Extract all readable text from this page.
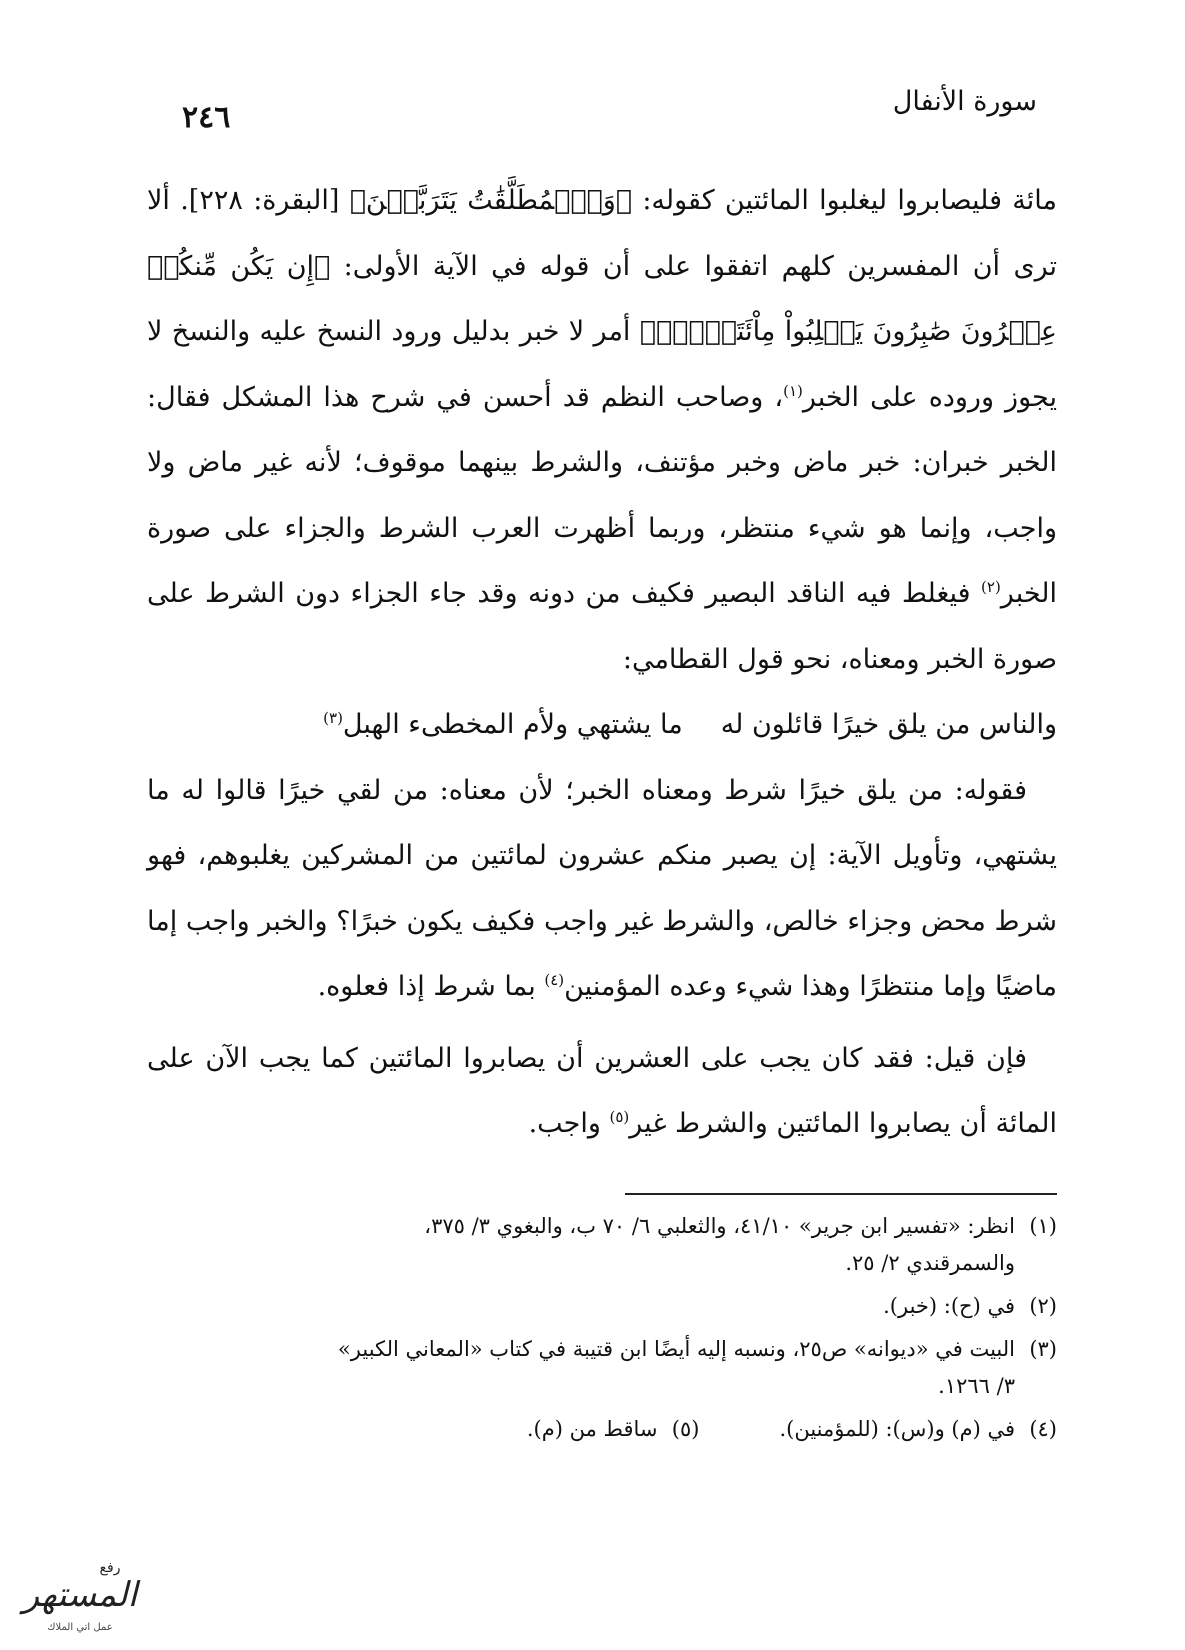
٢٤٦	سورة الأنفال

مائة فليصابروا ليغلبوا المائتين كقوله: ﴿وَٱلۡمُطَلَّقَٰتُ يَتَرَبَّصۡنَ﴾ [البقرة: ٢٢٨]. ألا ترى أن المفسرين كلهم اتفقوا على أن قوله في الآية الأولى: ﴿إِن يَكُن مِّنكُمۡ عِشۡرُونَ صَٰبِرُونَ يَغۡلِبُواْ مِاْئَتَيۡنِۚ﴾ أمر لا خبر بدليل ورود النسخ عليه والنسخ لا يجوز وروده على الخبر$^{(١)}$، وصاحب النظم قد أحسن في شرح هذا المشكل فقال: الخبر خبران: خبر ماض وخبر مؤتنف، والشرط بينهما موقوف؛ لأنه غير ماض ولا واجب، وإنما هو شيء منتظر، وربما أظهرت العرب الشرط والجزاء على صورة الخبر$^{(٢)}$ فيغلط فيه الناقد البصير فكيف من دونه وقد جاء الجزاء دون الشرط على صورة الخبر ومعناه، نحو قول القطامي:

والناس من يلق خيرًا قائلون لهما يشتهي ولأم المخطىء الهبل$^{(٣)}$

فقوله: من يلق خيرًا شرط ومعناه الخبر؛ لأن معناه: من لقي خيرًا قالوا له ما يشتهي، وتأويل الآية: إن يصبر منكم عشرون لمائتين من المشركين يغلبوهم، فهو شرط محض وجزاء خالص، والشرط غير واجب فكيف يكون خبرًا؟ والخبر واجب إما ماضيًا وإما منتظرًا وهذا شيء وعده المؤمنين$^{(٤)}$ بما شرط إذا فعلوه.

فإن قيل: فقد كان يجب على العشرين أن يصابروا المائتين كما يجب الآن على المائة أن يصابروا المائتين والشرط غير$^{(٥)}$ واجب.

(١)
انظر: «تفسير ابن جرير» ٤١/١٠، والثعلبي ٦/ ٧٠ ب، والبغوي ٣/ ٣٧٥،
والسمرقندي ٢/ ٢٥.
(٢)
في (ح): (خبر).
(٣)
البيت في «ديوانه» ص٢٥، ونسبه إليه أيضًا ابن قتيبة في كتاب «المعاني الكبير»
٣/ ١٢٦٦.
(٤)
في (م) و(س): (للمؤمنين).
(٥)
ساقط من (م).
رفع
المستهر
عمل اتي الملاك
